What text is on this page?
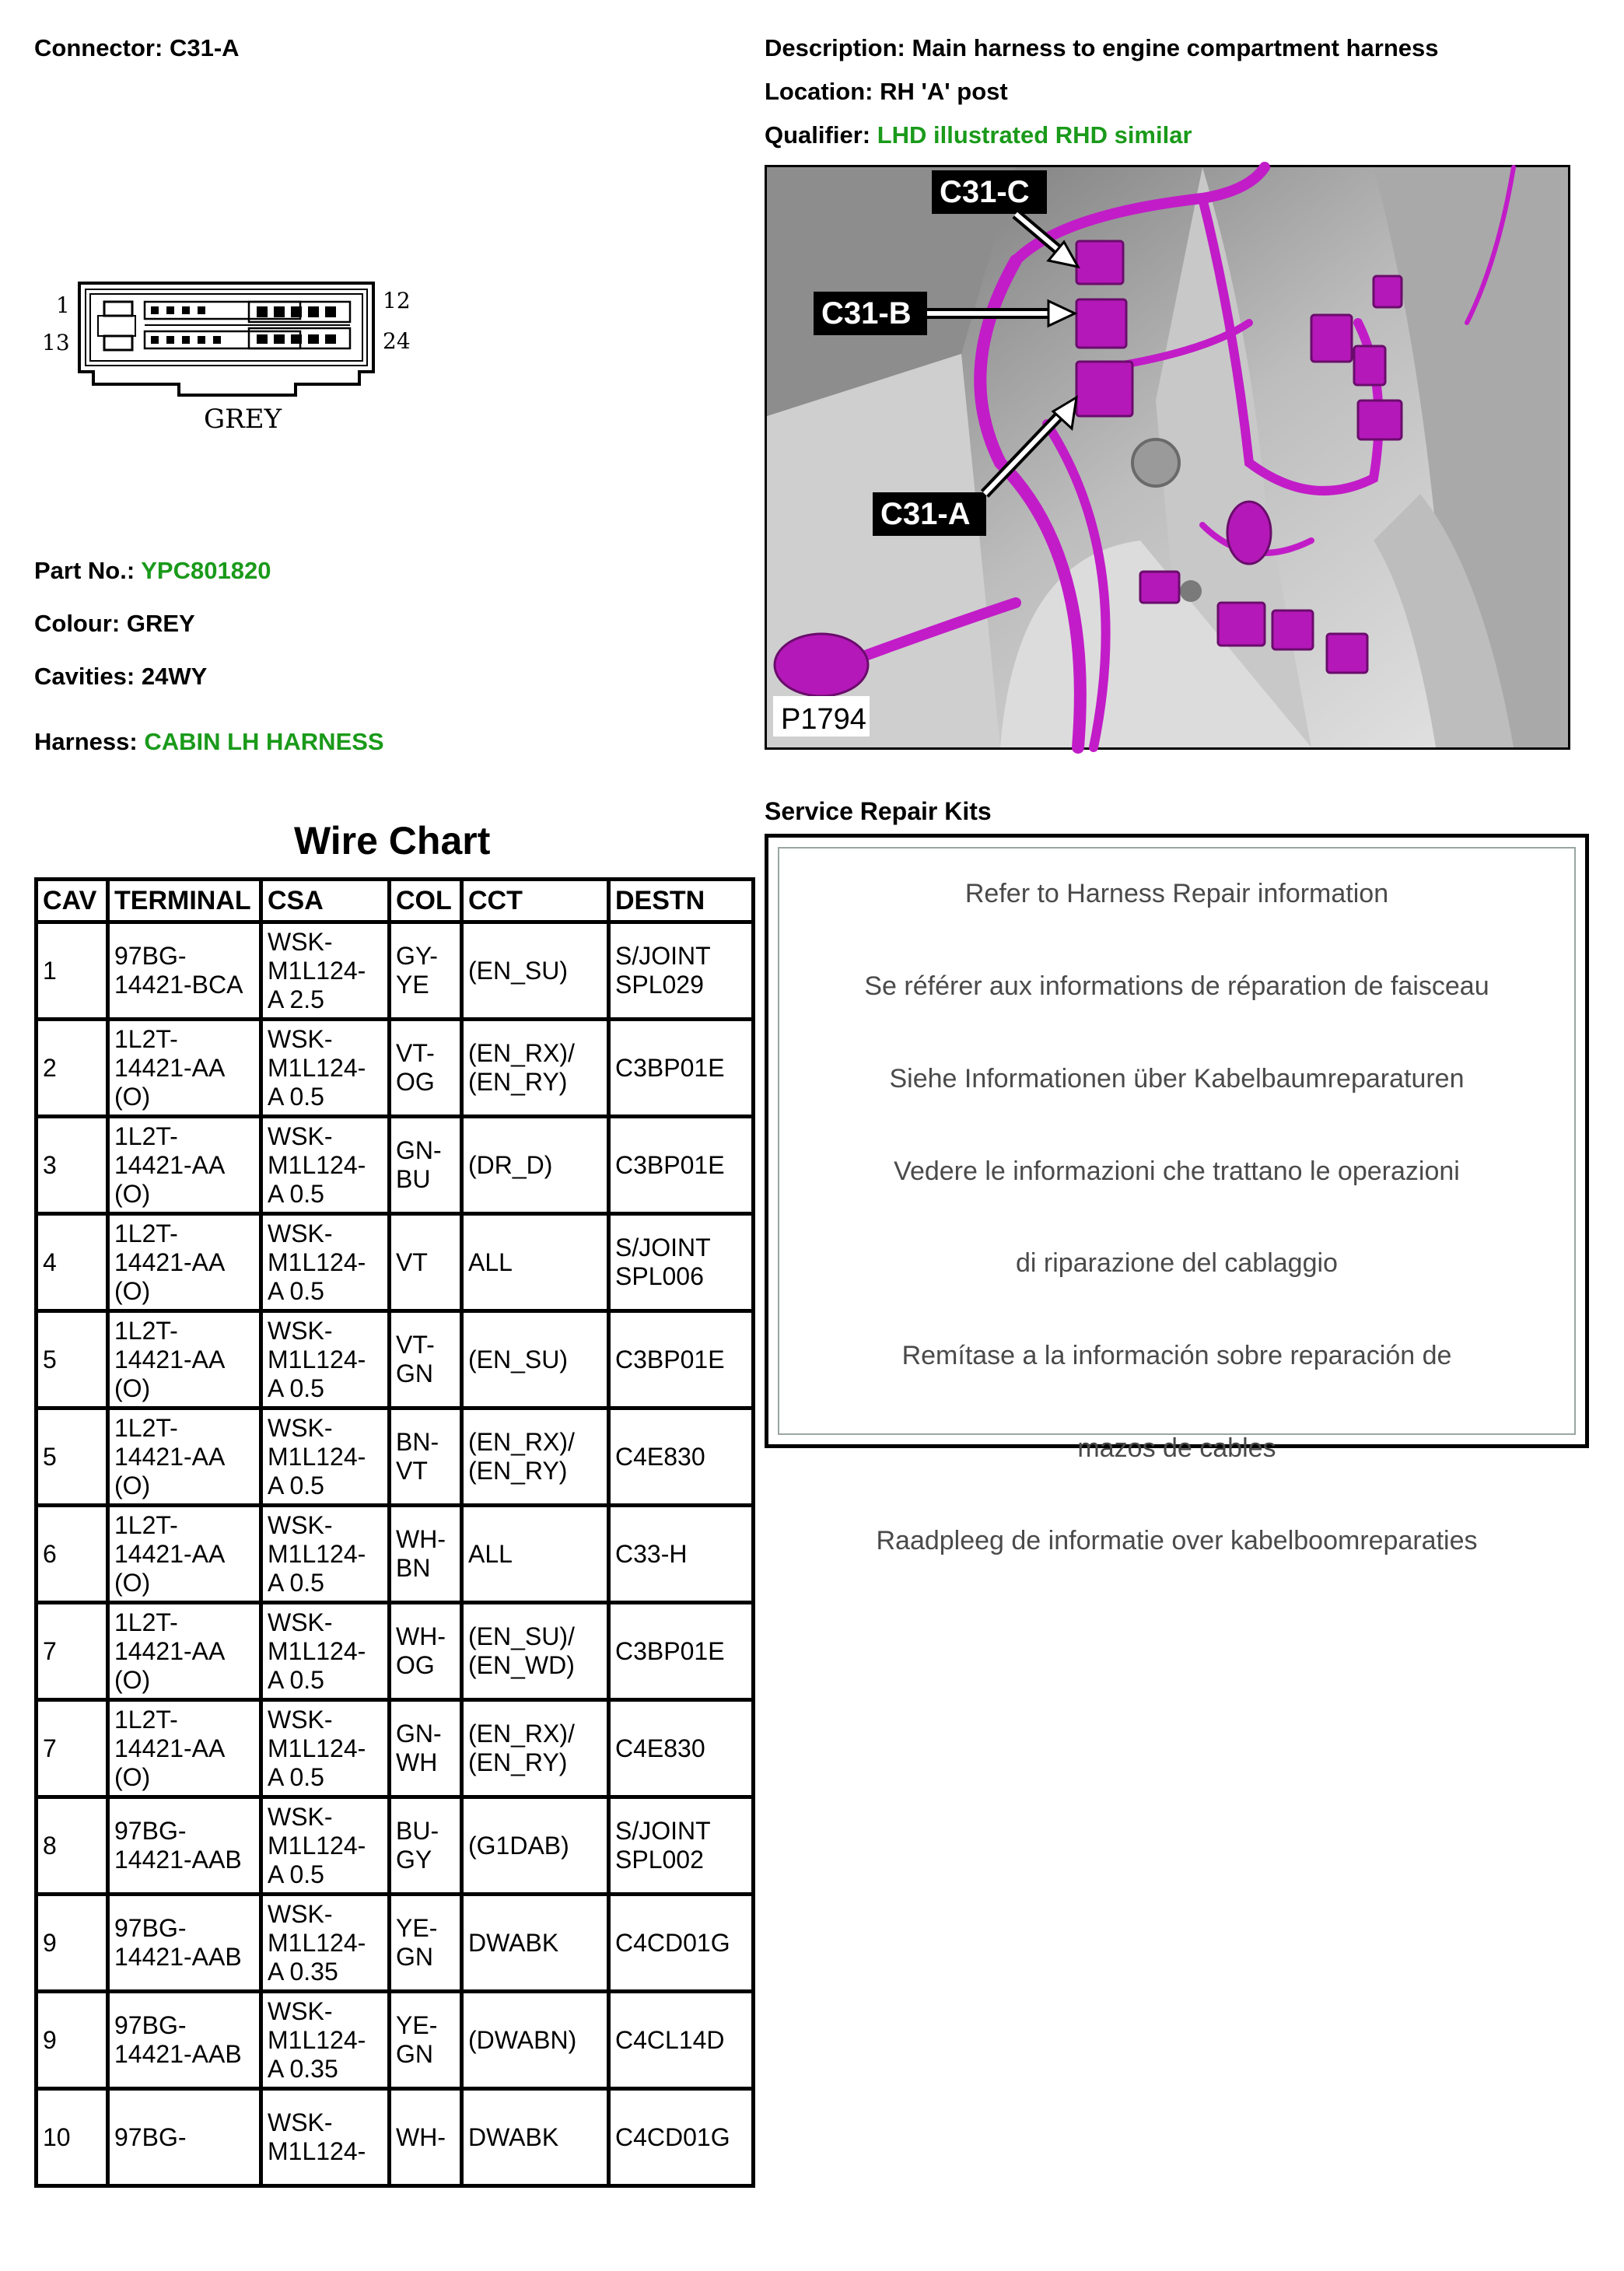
Connector: C31-A	Description: Main harness to engine compartment harness
Location: RH 'A' post
Qualifier: LHD illustrated RHD similar
1
13
12
24
GREY
C31-C
C31-B
C31-A
P1794
Part No.: YPC801820
Colour: GREY
Cavities: 24WY
Harness: CABIN LH HARNESS
Wire Chart
CAV	TERMINAL	CSA	COL	CCT	DESTN
1	97BG-
14421-BCA	WSK-
M1L124-
A 2.5	GY-
YE	(EN_SU)	S/JOINT
SPL029
2	1L2T-
14421-AA
(O)	WSK-
M1L124-
A 0.5	VT-
OG	(EN_RX)/
(EN_RY)	C3BP01E
3	1L2T-
14421-AA
(O)	WSK-
M1L124-
A 0.5	GN-
BU	(DR_D)	C3BP01E
4	1L2T-
14421-AA
(O)	WSK-
M1L124-
A 0.5	VT	ALL	S/JOINT
SPL006
5	1L2T-
14421-AA
(O)	WSK-
M1L124-
A 0.5	VT-
GN	(EN_SU)	C3BP01E
5	1L2T-
14421-AA
(O)	WSK-
M1L124-
A 0.5	BN-
VT	(EN_RX)/
(EN_RY)	C4E830
6	1L2T-
14421-AA
(O)	WSK-
M1L124-
A 0.5	WH-
BN	ALL	C33-H
7	1L2T-
14421-AA
(O)	WSK-
M1L124-
A 0.5	WH-
OG	(EN_SU)/
(EN_WD)	C3BP01E
7	1L2T-
14421-AA
(O)	WSK-
M1L124-
A 0.5	GN-
WH	(EN_RX)/
(EN_RY)	C4E830
8	97BG-
14421-AAB	WSK-
M1L124-
A 0.5	BU-
GY	(G1DAB)	S/JOINT
SPL002
9	97BG-
14421-AAB	WSK-
M1L124-
A 0.35	YE-
GN	DWABK	C4CD01G
9	97BG-
14421-AAB	WSK-
M1L124-
A 0.35	YE-
GN	(DWABN)	C4CL14D
10	97BG-	WSK-
M1L124-	WH-	DWABK	C4CD01G
Service Repair Kits
Refer to Harness Repair information
Se référer aux informations de réparation de faisceau
Siehe Informationen über Kabelbaumreparaturen
Vedere le informazioni che trattano le operazioni
di riparazione del cablaggio
Remítase a la información sobre reparación de
mazos de cables
Raadpleeg de informatie over kabelboomreparaties
